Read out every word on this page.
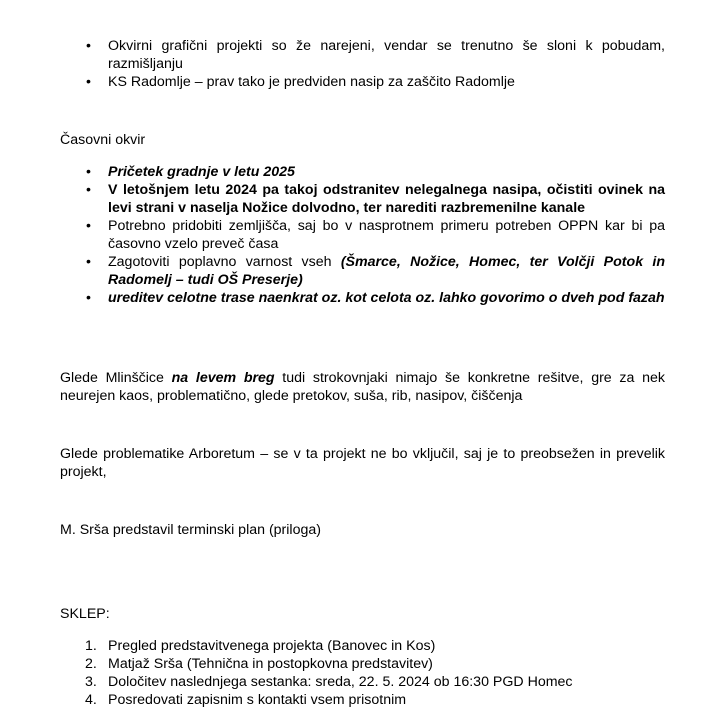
•	Okvirni grafični projekti so že narejeni, vendar se trenutno še sloni k pobudam, razmišljanju
•	KS Radomlje – prav tako je predviden nasip za zaščito Radomlje
Časovni okvir
•	Pričetek gradnje v letu 2025
•	V letošnjem letu 2024 pa takoj odstranitev nelegalnega nasipa, očistiti ovinek na levi strani v naselja Nožice dolvodno, ter narediti razbremenilne kanale
•	Potrebno pridobiti zemljišča, saj bo v nasprotnem primeru potreben OPPN kar bi pa časovno vzelo preveč časa
•	Zagotoviti poplavno varnost vseh (Šmarce, Nožice, Homec, ter Volčji Potok in Radomelj – tudi OŠ Preserje)
•	ureditev celotne trase naenkrat oz. kot celota oz. lahko govorimo o dveh pod fazah
Glede Mlinščice na levem breg tudi strokovnjaki nimajo še konkretne rešitve, gre za nek neurejen kaos, problematično, glede pretokov, suša, rib, nasipov, čiščenja
Glede problematike Arboretum – se v ta projekt ne bo vključil, saj je to preobsežen in prevelik projekt,
M. Srša predstavil terminski plan (priloga)
SKLEP:
1. Pregled predstavitvenega projekta (Banovec in Kos)
2. Matjaž Srša (Tehnična in postopkovna predstavitev)
3. Določitev naslednjega sestanka: sreda, 22. 5. 2024 ob 16:30 PGD Homec
4. Posredovati zapisnim s kontakti vsem prisotnim
